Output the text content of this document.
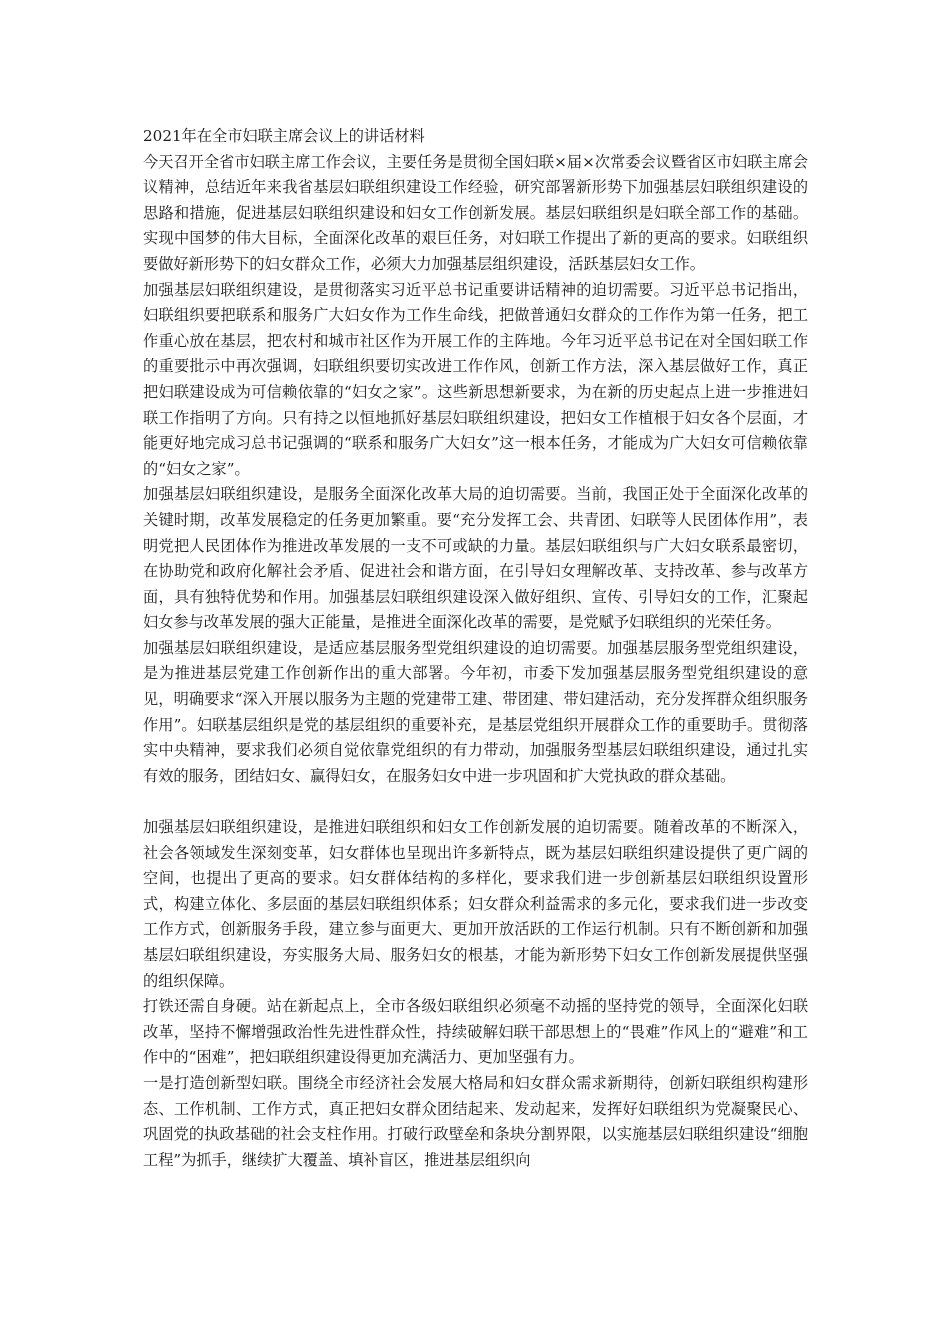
2021年在全市妇联主席会议上的讲话材料

今天召开全省市妇联主席工作会议，主要任务是贯彻全国妇联×届×次常委会议暨省区市妇联主席会议精神，总结近年来我省基层妇联组织建设工作经验，研究部署新形势下加强基层妇联组织建设的思路和措施，促进基层妇联组织建设和妇女工作创新发展。基层妇联组织是妇联全部工作的基础。实现中国梦的伟大目标，全面深化改革的艰巨任务，对妇联工作提出了新的更高的要求。妇联组织要做好新形势下的妇女群众工作，必须大力加强基层组织建设，活跃基层妇女工作。

加强基层妇联组织建设，是贯彻落实习近平总书记重要讲话精神的迫切需要。习近平总书记指出，妇联组织要把联系和服务广大妇女作为工作生命线，把做普通妇女群众的工作作为第一任务，把工作重心放在基层，把农村和城市社区作为开展工作的主阵地。今年习近平总书记在对全国妇联工作的重要批示中再次强调，妇联组织要切实改进工作作风，创新工作方法，深入基层做好工作，真正把妇联建设成为可信赖依靠的“妇女之家”。这些新思想新要求，为在新的历史起点上进一步推进妇联工作指明了方向。只有持之以恒地抓好基层妇联组织建设，把妇女工作植根于妇女各个层面，才能更好地完成习总书记强调的“联系和服务广大妇女”这一根本任务，才能成为广大妇女可信赖依靠的“妇女之家”。

加强基层妇联组织建设，是服务全面深化改革大局的迫切需要。当前，我国正处于全面深化改革的关键时期，改革发展稳定的任务更加繁重。要“充分发挥工会、共青团、妇联等人民团体作用”，表明党把人民团体作为推进改革发展的一支不可或缺的力量。基层妇联组织与广大妇女联系最密切，在协助党和政府化解社会矛盾、促进社会和谐方面，在引导妇女理解改革、支持改革、参与改革方面，具有独特优势和作用。加强基层妇联组织建设深入做好组织、宣传、引导妇女的工作，汇聚起妇女参与改革发展的强大正能量，是推进全面深化改革的需要，是党赋予妇联组织的光荣任务。

加强基层妇联组织建设，是适应基层服务型党组织建设的迫切需要。加强基层服务型党组织建设，是为推进基层党建工作创新作出的重大部署。今年初，市委下发加强基层服务型党组织建设的意见，明确要求“深入开展以服务为主题的党建带工建、带团建、带妇建活动，充分发挥群众组织服务作用”。妇联基层组织是党的基层组织的重要补充，是基层党组织开展群众工作的重要助手。贯彻落实中央精神，要求我们必须自觉依靠党组织的有力带动，加强服务型基层妇联组织建设，通过扎实有效的服务，团结妇女、赢得妇女，在服务妇女中进一步巩固和扩大党执政的群众基础。

加强基层妇联组织建设，是推进妇联组织和妇女工作创新发展的迫切需要。随着改革的不断深入，社会各领域发生深刻变革，妇女群体也呈现出许多新特点，既为基层妇联组织建设提供了更广阔的空间，也提出了更高的要求。妇女群体结构的多样化，要求我们进一步创新基层妇联组织设置形式，构建立体化、多层面的基层妇联组织体系；妇女群众利益需求的多元化，要求我们进一步改变工作方式，创新服务手段，建立参与面更大、更加开放活跃的工作运行机制。只有不断创新和加强基层妇联组织建设，夯实服务大局、服务妇女的根基，才能为新形势下妇女工作创新发展提供坚强的组织保障。

打铁还需自身硬。站在新起点上，全市各级妇联组织必须毫不动摇的坚持党的领导，全面深化妇联改革，坚持不懈增强政治性先进性群众性，持续破解妇联干部思想上的“畏难”作风上的“避难”和工作中的“困难”，把妇联组织建设得更加充满活力、更加坚强有力。

一是打造创新型妇联。围绕全市经济社会发展大格局和妇女群众需求新期待，创新妇联组织构建形态、工作机制、工作方式，真正把妇女群众团结起来、发动起来，发挥好妇联组织为党凝聚民心、巩固党的执政基础的社会支柱作用。打破行政壁垒和条块分割界限，以实施基层妇联组织建设“细胞工程”为抓手，继续扩大覆盖、填补盲区，推进基层组织向
